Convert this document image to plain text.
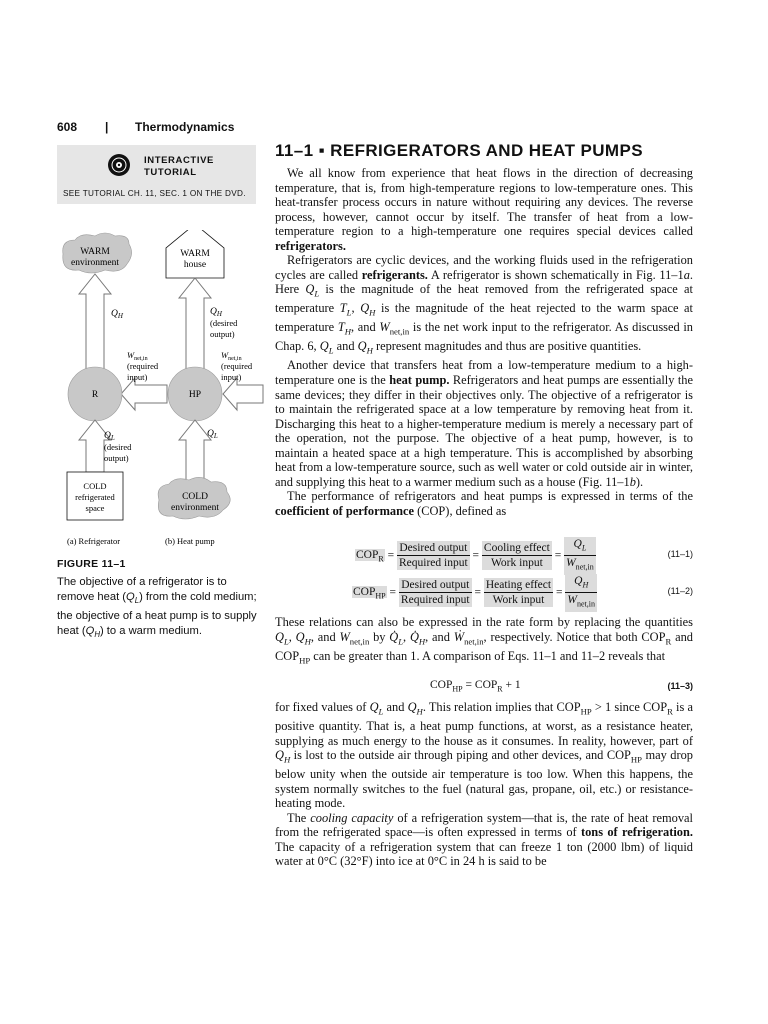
608 | Thermodynamics
INTERACTIVE
TUTORIAL
SEE TUTORIAL CH. 11, SEC. 1 ON THE DVD.
WARM
environment
$Q_H$
$W_{net,in}$
(required
input)
R
$Q_L$
(desired
output)
COLD
refrigerated
space
(a) Refrigerator
WARM
house
$Q_H$
(desired
output)
$W_{net,in}$
(required
input)
HP
$Q_L$
COLD
environment
(b) Heat pump
FIGURE 11–1
The objective of a refrigerator is to remove heat $(Q_L)$ from the cold medium; the objective of a heat pump is to supply heat $(Q_H)$ to a warm medium.
11–1 ▪ REFRIGERATORS AND HEAT PUMPS

We all know from experience that heat flows in the direction of decreasing temperature, that is, from high-temperature regions to low-temperature ones. This heat-transfer process occurs in nature without requiring any devices. The reverse process, however, cannot occur by itself. The transfer of heat from a low-temperature region to a high-temperature one requires special devices called refrigerators.

Refrigerators are cyclic devices, and the working fluids used in the refrigeration cycles are called refrigerants. A refrigerator is shown schematically in Fig. 11–1a. Here $Q_L$ is the magnitude of the heat removed from the refrigerated space at temperature $T_L$, $Q_H$ is the magnitude of the heat rejected to the warm space at temperature $T_H$, and $W_{net,in}$ is the net work input to the refrigerator. As discussed in Chap. 6, $Q_L$ and $Q_H$ represent magnitudes and thus are positive quantities.

Another device that transfers heat from a low-temperature medium to a high-temperature one is the heat pump. Refrigerators and heat pumps are essentially the same devices; they differ in their objectives only. The objective of a refrigerator is to maintain the refrigerated space at a low temperature by removing heat from it. Discharging this heat to a higher-temperature medium is merely a necessary part of the operation, not the purpose. The objective of a heat pump, however, is to maintain a heated space at a high temperature. This is accomplished by absorbing heat from a low-temperature source, such as well water or cold outside air in winter, and supplying this heat to a warmer medium such as a house (Fig. 11–1b).

The performance of refrigerators and heat pumps is expressed in terms of the coefficient of performance (COP), defined as

$COP_R = \frac{\text{Desired output}}{\text{Required input}} = \frac{\text{Cooling effect}}{\text{Work input}} = \frac{Q_L}{W_{net,in}}$	(11–1)
$COP_{HP} = \frac{\text{Desired output}}{\text{Required input}} = \frac{\text{Heating effect}}{\text{Work input}} = \frac{Q_H}{W_{net,in}}$	(11–2)

These relations can also be expressed in the rate form by replacing the quantities $Q_L$, $Q_H$, and $W_{net,in}$ by $Q̇_L$, $Q̇_H$, and Ẇ$_{net,in}$, respectively. Notice that both $COP_R$ and $COP_{HP}$ can be greater than 1. A comparison of Eqs. 11–1 and 11–2 reveals that

$COP_{HP} = COP_R + 1$	(11–3)

for fixed values of $Q_L$ and $Q_H$. This relation implies that $COP_{HP} > 1$ since $COP_R$ is a positive quantity. That is, a heat pump functions, at worst, as a resistance heater, supplying as much energy to the house as it consumes. In reality, however, part of $Q_H$ is lost to the outside air through piping and other devices, and $COP_{HP}$ may drop below unity when the outside air temperature is too low. When this happens, the system normally switches to the fuel (natural gas, propane, oil, etc.) or resistance-heating mode.

The cooling capacity of a refrigeration system—that is, the rate of heat removal from the refrigerated space—is often expressed in terms of tons of refrigeration. The capacity of a refrigeration system that can freeze 1 ton (2000 lbm) of liquid water at 0°C (32°F) into ice at 0°C in 24 h is said to be
